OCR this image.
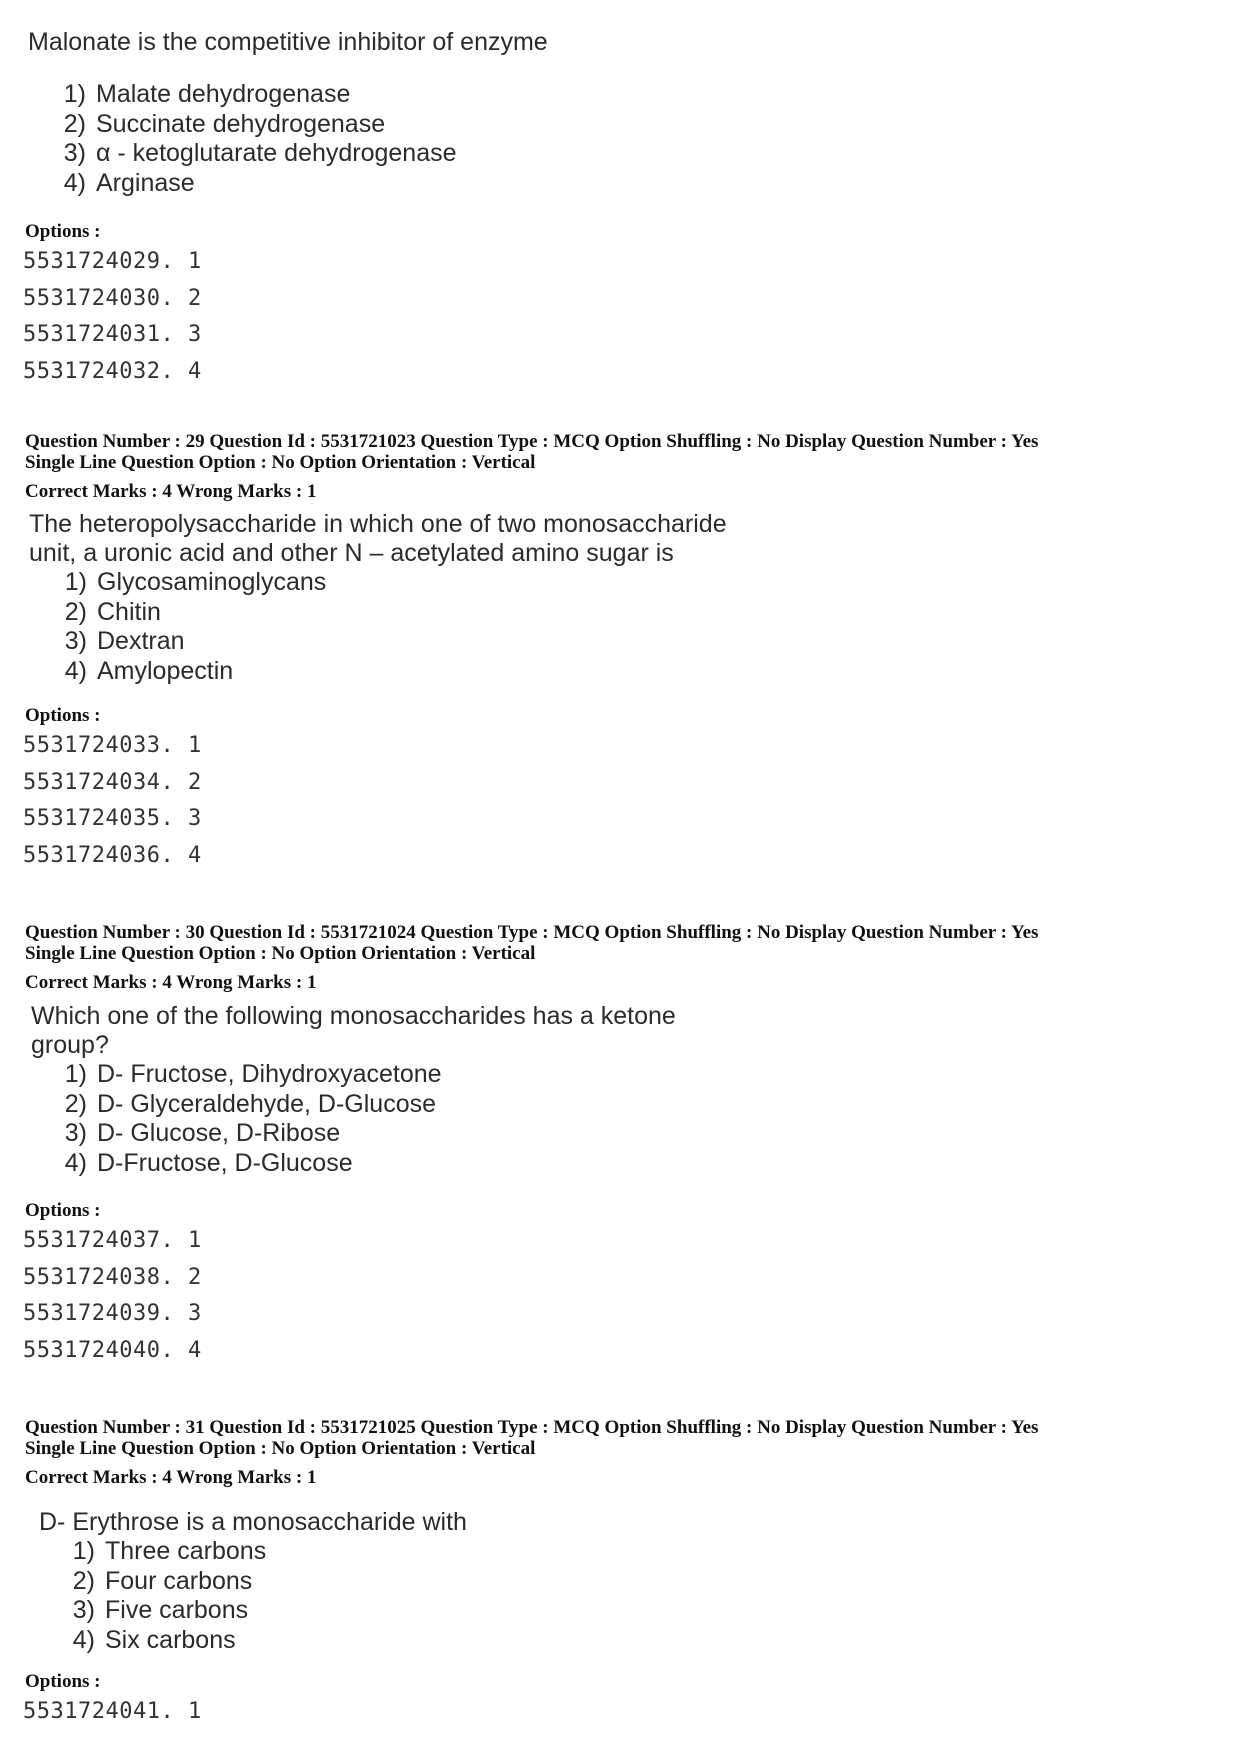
Malonate is the competitive inhibitor of enzyme
1) Malate dehydrogenase
2) Succinate dehydrogenase
3) α - ketoglutarate dehydrogenase
4) Arginase
Options :
5531724029. 1
5531724030. 2
5531724031. 3
5531724032. 4
Question Number : 29 Question Id : 5531721023 Question Type : MCQ Option Shuffling : No Display Question Number : Yes
Single Line Question Option : No Option Orientation : Vertical
Correct Marks : 4 Wrong Marks : 1
The heteropolysaccharide in which one of two monosaccharide
unit, a uronic acid and other N – acetylated amino sugar is
1) Glycosaminoglycans
2) Chitin
3) Dextran
4) Amylopectin
Options :
5531724033. 1
5531724034. 2
5531724035. 3
5531724036. 4
Question Number : 30 Question Id : 5531721024 Question Type : MCQ Option Shuffling : No Display Question Number : Yes
Single Line Question Option : No Option Orientation : Vertical
Correct Marks : 4 Wrong Marks : 1
Which one of the following monosaccharides has a ketone
group?
1) D- Fructose, Dihydroxyacetone
2) D- Glyceraldehyde, D-Glucose
3) D- Glucose, D-Ribose
4) D-Fructose, D-Glucose
Options :
5531724037. 1
5531724038. 2
5531724039. 3
5531724040. 4
Question Number : 31 Question Id : 5531721025 Question Type : MCQ Option Shuffling : No Display Question Number : Yes
Single Line Question Option : No Option Orientation : Vertical
Correct Marks : 4 Wrong Marks : 1
D- Erythrose is a monosaccharide with
1) Three carbons
2) Four carbons
3) Five carbons
4) Six carbons
Options :
5531724041. 1
